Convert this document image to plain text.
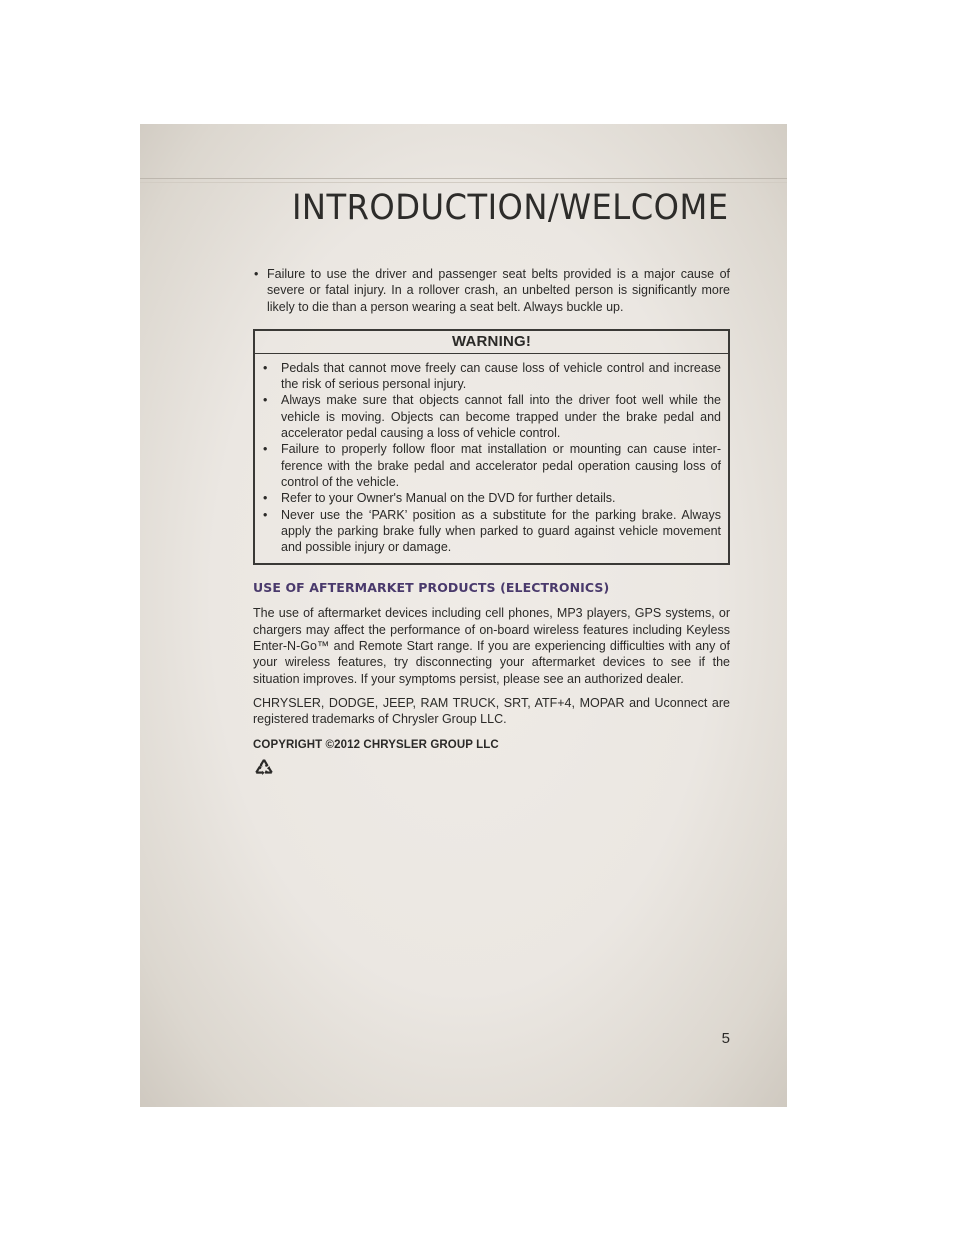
INTRODUCTION/WELCOME
• Failure to use the driver and passenger seat belts provided is a major cause of severe or fatal injury. In a rollover crash, an unbelted person is significantly more likely to die than a person wearing a seat belt. Always buckle up.
WARNING!
• Pedals that cannot move freely can cause loss of vehicle control and increase the risk of serious personal injury.
• Always make sure that objects cannot fall into the driver foot well while the vehicle is moving. Objects can become trapped under the brake pedal and accelerator pedal causing a loss of vehicle control.
• Failure to properly follow floor mat installation or mounting can cause inter-ference with the brake pedal and accelerator pedal operation causing loss of control of the vehicle.
• Refer to your Owner's Manual on the DVD for further details.
• Never use the ‘PARK’ position as a substitute for the parking brake. Always apply the parking brake fully when parked to guard against vehicle movement and possible injury or damage.
USE OF AFTERMARKET PRODUCTS (ELECTRONICS)

The use of aftermarket devices including cell phones, MP3 players, GPS systems, or chargers may affect the performance of on-board wireless features including Keyless Enter-N-Go™ and Remote Start range. If you are experiencing difficulties with any of your wireless features, try disconnecting your aftermarket devices to see if the situation improves. If your symptoms persist, please see an authorized dealer.

CHRYSLER, DODGE, JEEP, RAM TRUCK, SRT, ATF+4, MOPAR and Uconnect are registered trademarks of Chrysler Group LLC.

COPYRIGHT ©2012 CHRYSLER GROUP LLC
5
